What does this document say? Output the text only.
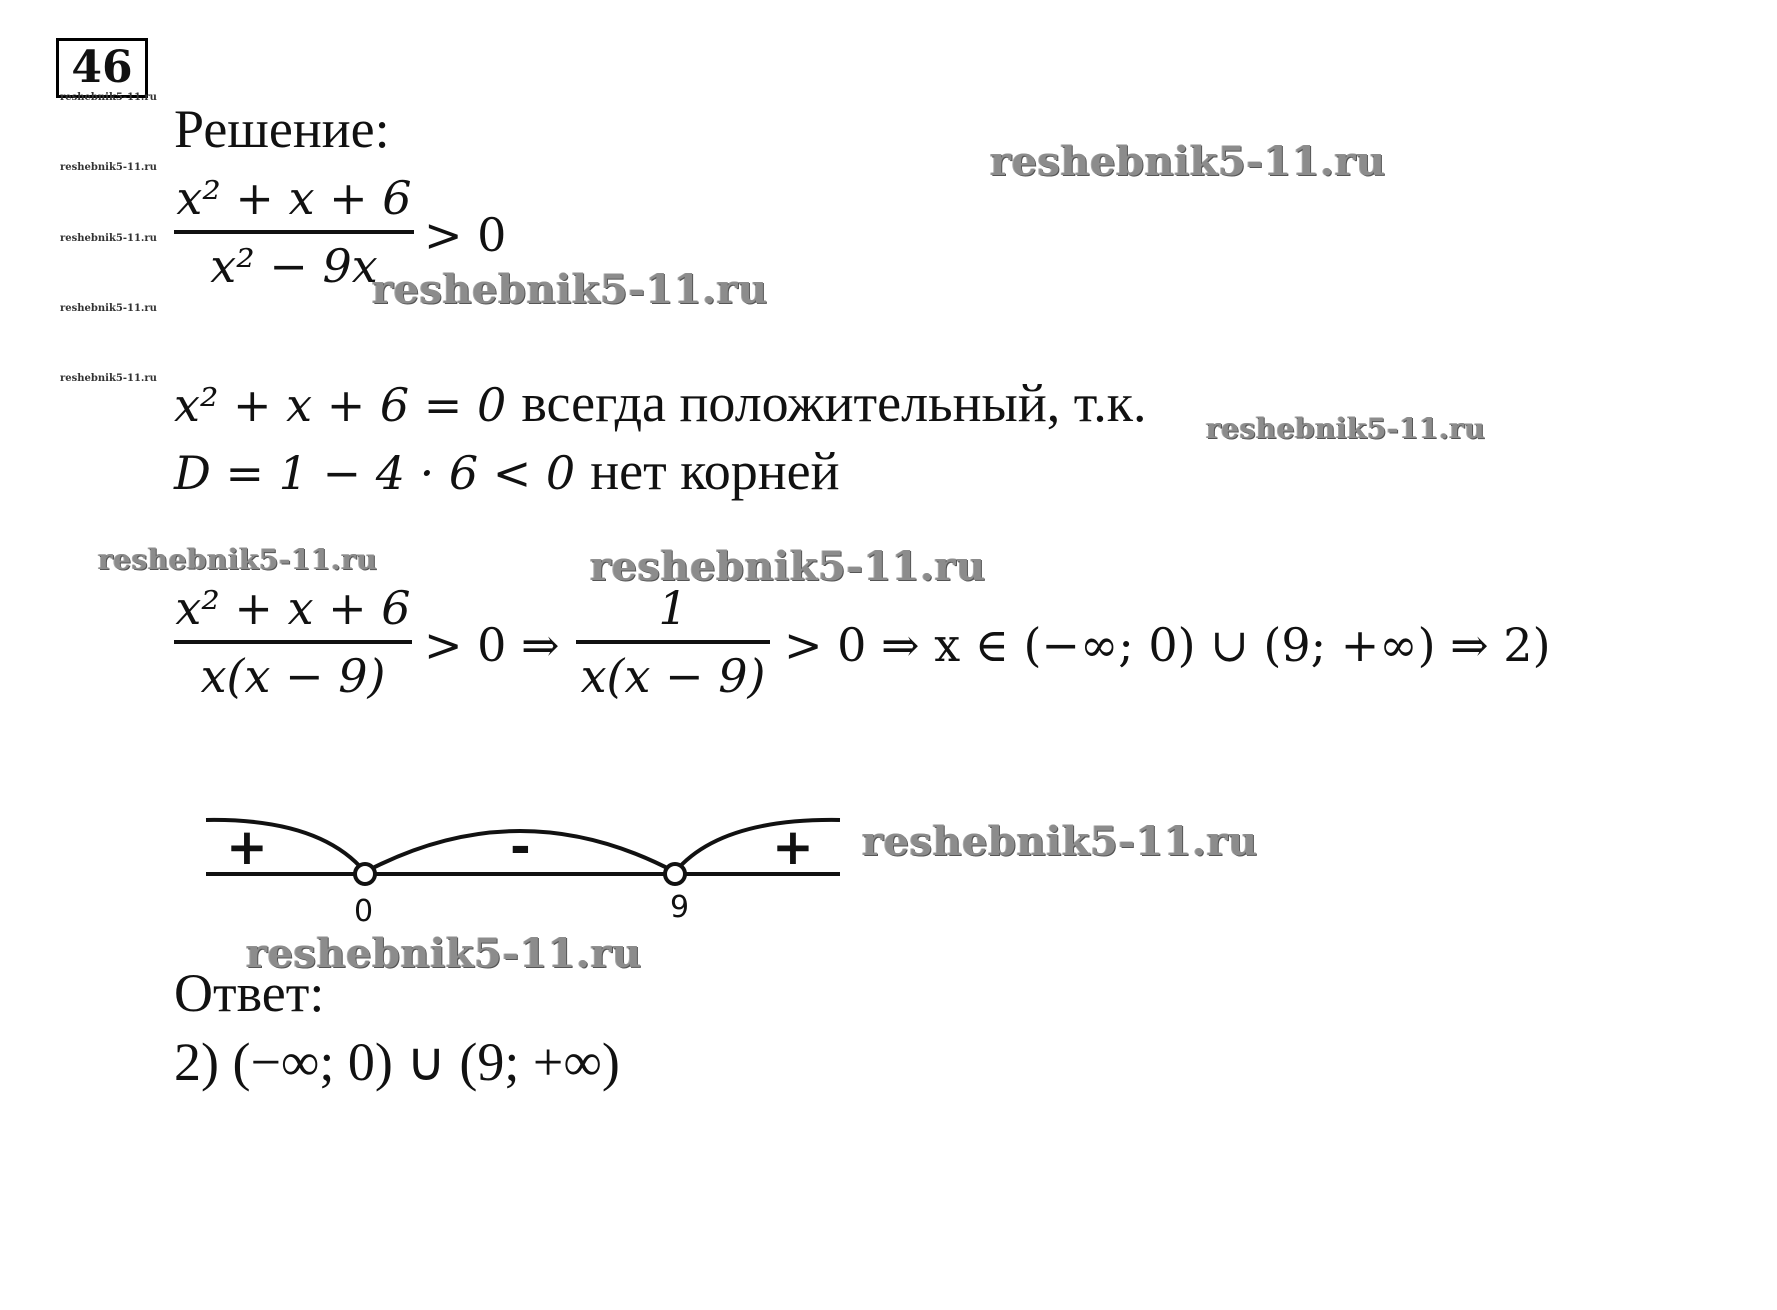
46
reshebnik5-11.ru
reshebnik5-11.ru
reshebnik5-11.ru
reshebnik5-11.ru
reshebnik5-11.ru
Решение:
reshebnik5-11.ru
reshebnik5-11.ru
reshebnik5-11.ru
reshebnik5-11.ru	reshebnik5-11.ru
reshebnik5-11.ru
reshebnik5-11.ru
x² + x + 6
x² − 9x
> 0
x² + x + 6 = 0 всегда положительный, т.к.
D = 1 − 4 · 6 < 0 нет корней
x² + x + 6
x(x − 9)
> 0 ⇒
1
x(x − 9)
> 0 ⇒ x ∈ (−∞; 0) ∪ (9; +∞) ⇒ 2)
+	-	+
0	9
Ответ:
2) (−∞; 0) ∪ (9; +∞)
